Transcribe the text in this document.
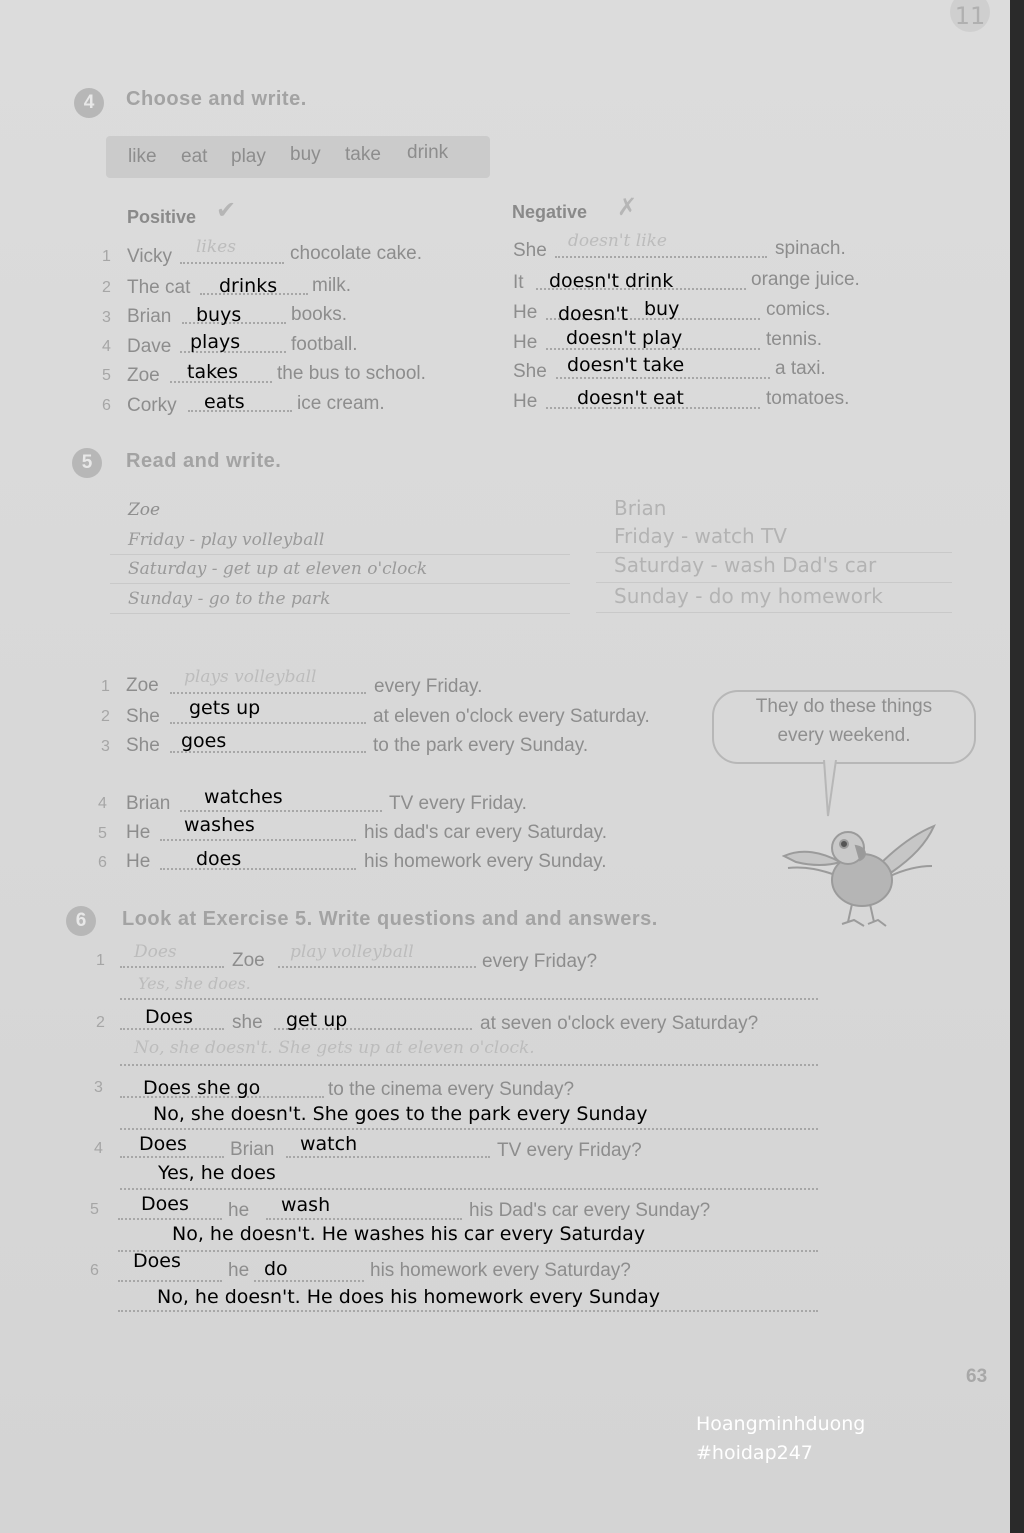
11
4	Choose and write.
like eat play buy take drink
Positive ✔	Negative ✗
1 Vicky likes	chocolate cake.
2 The cat drinks milk.
3 Brian buys	books.
4 Dave plays	football.
5 Zoe takes the bus to school.
6 Corky eats	ice cream.
She doesn't like	spinach.
It doesn't drink	orange juice.
He doesn't buy	comics.
He doesn't play	tennis.
She doesn't take	a taxi.
He doesn't eat	tomatoes.
5	Read and write.
Zoe
Friday - play volleyball
Saturday - get up at eleven o'clock
Sunday - go to the park
Brian
Friday - watch TV
Saturday - wash Dad's car
Sunday - do my homework
1 Zoe plays volleyball	every Friday.
2 She gets up	at eleven o'clock every Saturday.
3 She goes	to the park every Sunday.
4 Brian watches	TV every Friday.
5 He washes	his dad's car every Saturday.
6 He does	his homework every Sunday.
They do these things
every weekend.
6	Look at Exercise 5. Write questions and and answers.
1 Does	Zoe play volleyball	every Friday?
Yes, she does.
2 Does she get up	at seven o'clock every Saturday?
No, she doesn't. She gets up at eleven o'clock.
3 Does she go	to the cinema every Sunday?
No, she doesn't. She goes to the park every Sunday
4 Does Brian watch	TV every Friday?
Yes, he does
5 Does he wash	his Dad's car every Sunday?
No, he doesn't. He washes his car every Saturday
6 Does he do	his homework every Saturday?
No, he doesn't. He does his homework every Sunday
63
Hoangminhduong
#hoidap247
